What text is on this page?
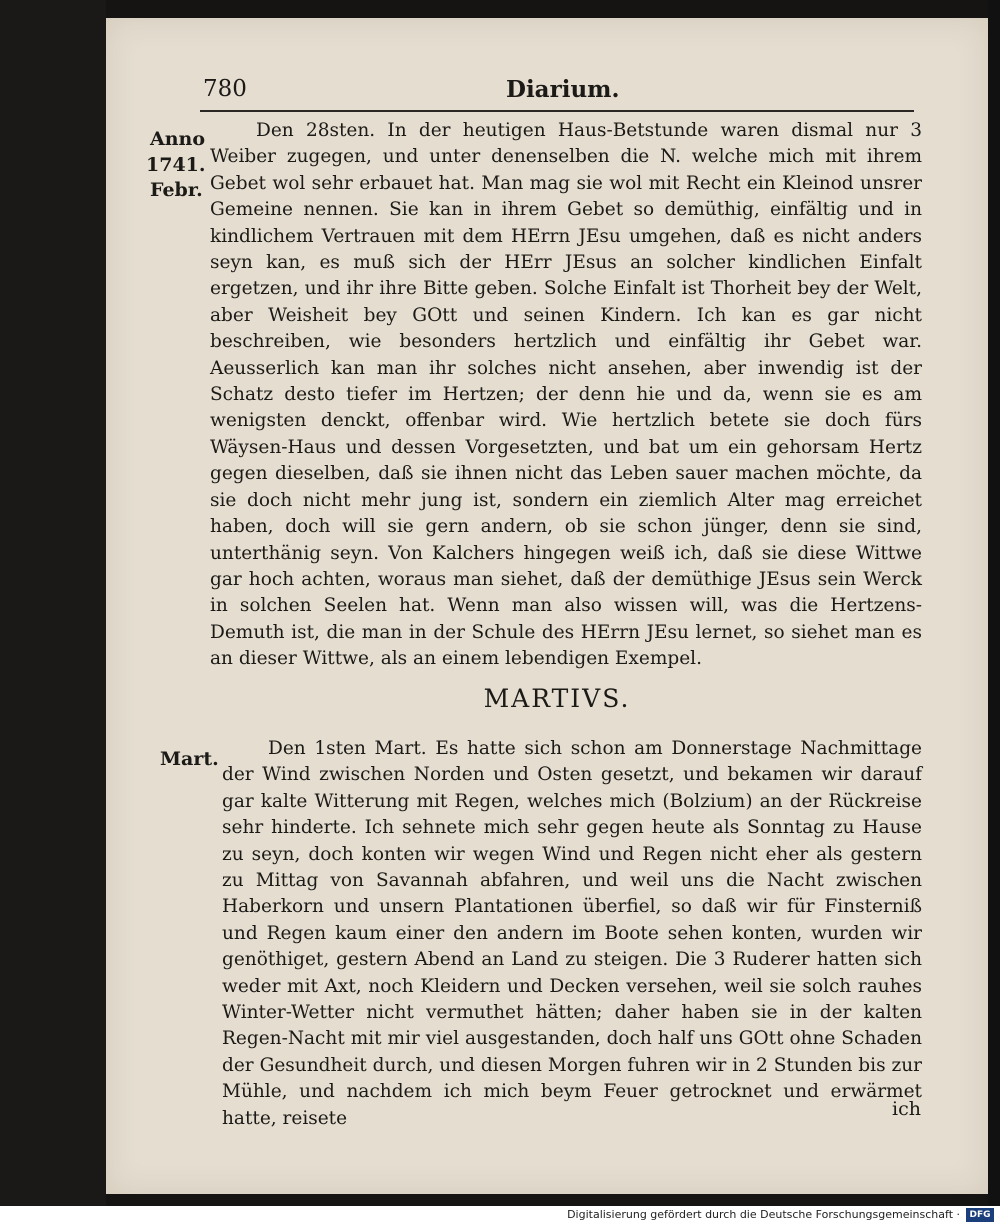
780	Diarium.
Anno
1741.
Febr.
Den 28sten. In der heutigen Haus-Betstunde waren dismal nur 3 Weiber zugegen, und unter denenselben die N. welche mich mit ihrem Gebet wol sehr erbauet hat. Man mag sie wol mit Recht ein Kleinod unsrer Gemeine nennen. Sie kan in ihrem Gebet so demüthig, einfältig und in kindlichem Vertrauen mit dem HErrn JEsu umgehen, daß es nicht anders seyn kan, es muß sich der HErr JEsus an solcher kindlichen Einfalt ergetzen, und ihr ihre Bitte geben. Solche Einfalt ist Thorheit bey der Welt, aber Weisheit bey GOtt und seinen Kindern. Ich kan es gar nicht beschreiben, wie besonders hertzlich und einfältig ihr Gebet war. Aeusserlich kan man ihr solches nicht ansehen, aber inwendig ist der Schatz desto tiefer im Hertzen; der denn hie und da, wenn sie es am wenigsten denckt, offenbar wird. Wie hertzlich betete sie doch fürs Wäysen-Haus und dessen Vorgesetzten, und bat um ein gehorsam Hertz gegen dieselben, daß sie ihnen nicht das Leben sauer machen möchte, da sie doch nicht mehr jung ist, sondern ein ziemlich Alter mag erreichet haben, doch will sie gern andern, ob sie schon jünger, denn sie sind, unterthänig seyn. Von Kalchers hingegen weiß ich, daß sie diese Wittwe gar hoch achten, woraus man siehet, daß der demüthige JEsus sein Werck in solchen Seelen hat. Wenn man also wissen will, was die Hertzens-Demuth ist, die man in der Schule des HErrn JEsu lernet, so siehet man es an dieser Wittwe, als an einem lebendigen Exempel.
MARTIVS.
Mart.	Den 1sten Mart. Es hatte sich schon am Donnerstage Nachmittage der Wind zwischen Norden und Osten gesetzt, und bekamen wir darauf gar kalte Witterung mit Regen, welches mich (Bolzium) an der Rückreise sehr hinderte. Ich sehnete mich sehr gegen heute als Sonntag zu Hause zu seyn, doch konten wir wegen Wind und Regen nicht eher als gestern zu Mittag von Savannah abfahren, und weil uns die Nacht zwischen Haberkorn und unsern Plantationen überfiel, so daß wir für Finsterniß und Regen kaum einer den andern im Boote sehen konten, wurden wir genöthiget, gestern Abend an Land zu steigen. Die 3 Ruderer hatten sich weder mit Axt, noch Kleidern und Decken versehen, weil sie solch rauhes Winter-Wetter nicht vermuthet hätten; daher haben sie in der kalten Regen-Nacht mit mir viel ausgestanden, doch half uns GOtt ohne Schaden der Gesundheit durch, und diesen Morgen fuhren wir in 2 Stunden bis zur Mühle, und nachdem ich mich beym Feuer getrocknet und erwärmet hatte, reisete	ich
Digitalisierung gefördert durch die Deutsche Forschungsgemeinschaft ·	DFG
